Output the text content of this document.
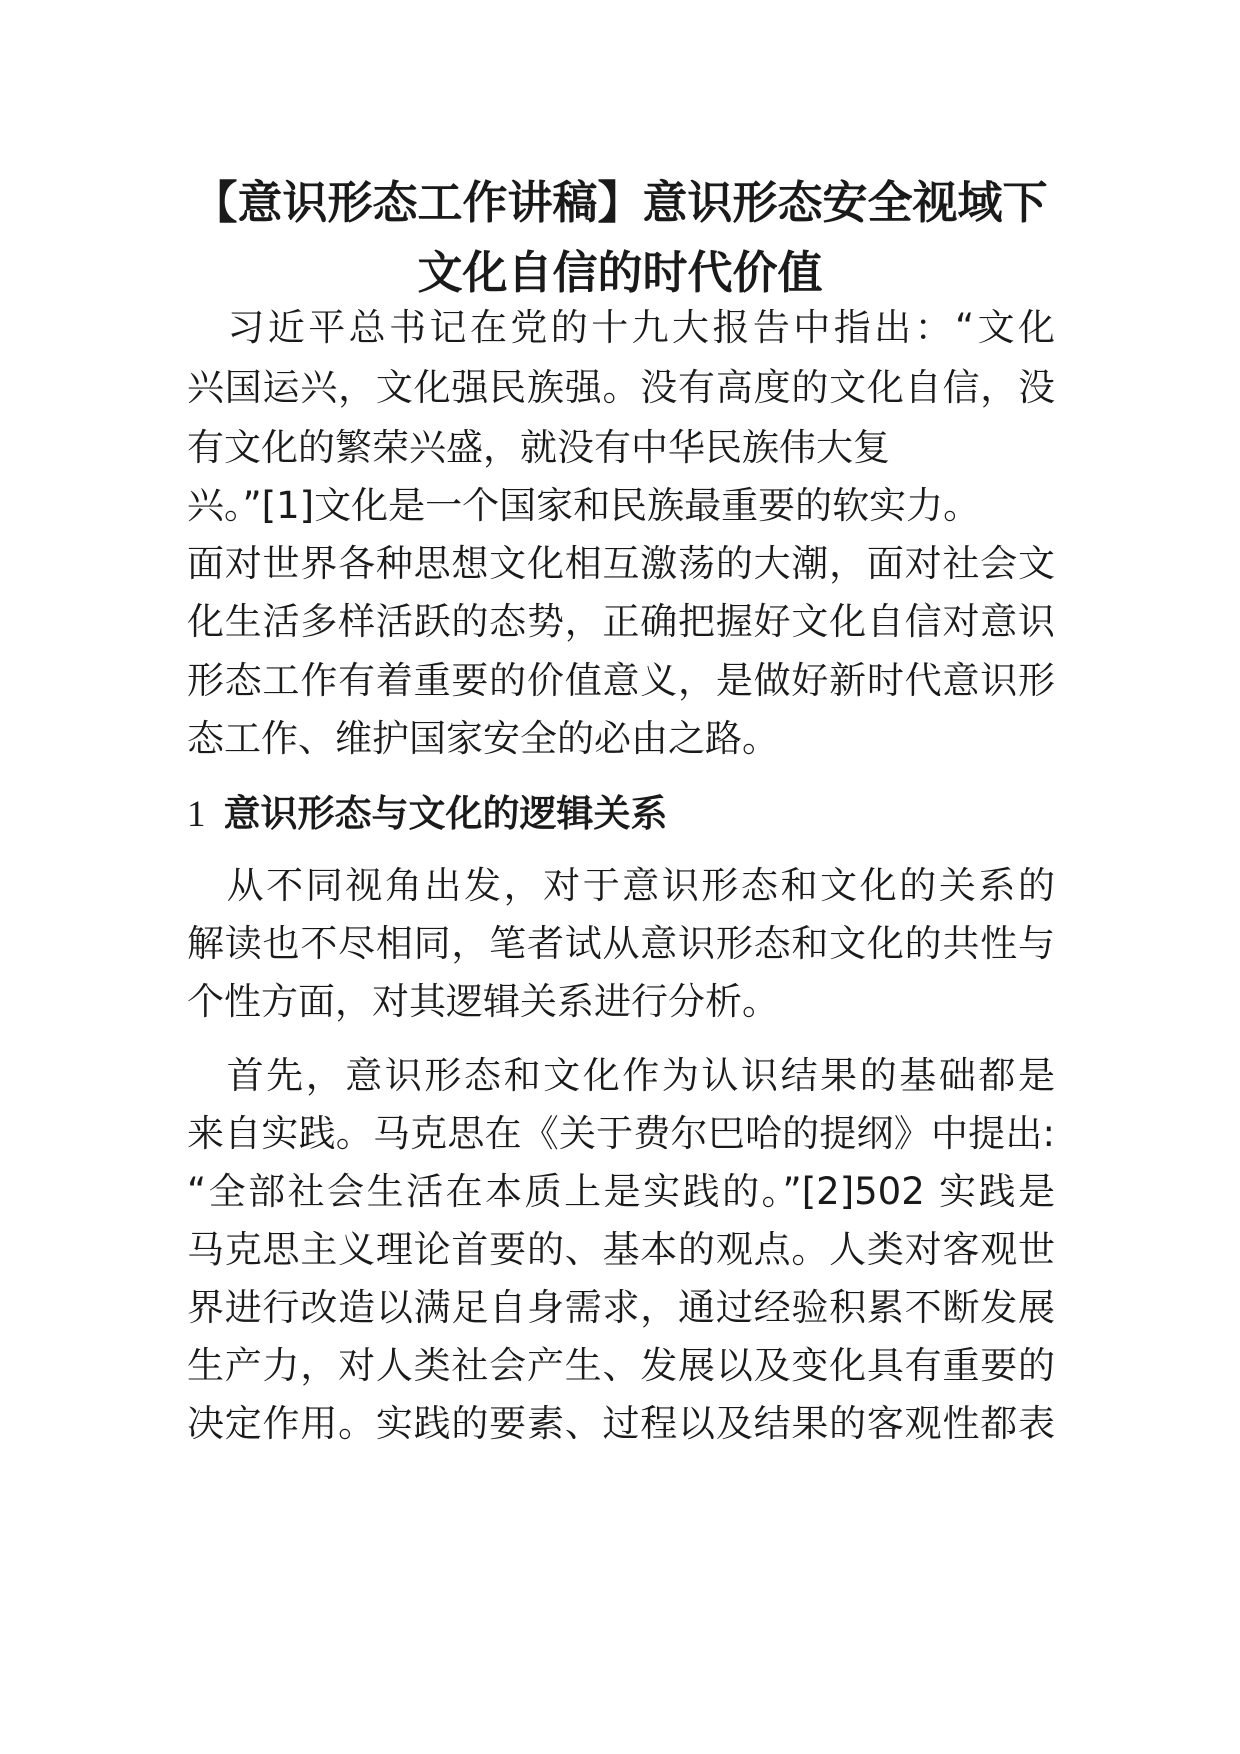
【意识形态工作讲稿】意识形态安全视域下
文化自信的时代价值
　习近平总书记在党的十九大报告中指出：“文化
兴国运兴，文化强民族强。没有高度的文化自信，没
有文化的繁荣兴盛，就没有中华民族伟大复
兴。”[1]文化是一个国家和民族最重要的软实力。
面对世界各种思想文化相互激荡的大潮，面对社会文
化生活多样活跃的态势，正确把握好文化自信对意识
形态工作有着重要的价值意义，是做好新时代意识形
态工作、维护国家安全的必由之路。
1 意识形态与文化的逻辑关系
　从不同视角出发，对于意识形态和文化的关系的
解读也不尽相同，笔者试从意识形态和文化的共性与
个性方面，对其逻辑关系进行分析。
　首先，意识形态和文化作为认识结果的基础都是
来自实践。马克思在《关于费尔巴哈的提纲》中提出:
“全部社会生活在本质上是实践的。”[2]502 实践是
马克思主义理论首要的、基本的观点。人类对客观世
界进行改造以满足自身需求，通过经验积累不断发展
生产力，对人类社会产生、发展以及变化具有重要的
决定作用。实践的要素、过程以及结果的客观性都表
